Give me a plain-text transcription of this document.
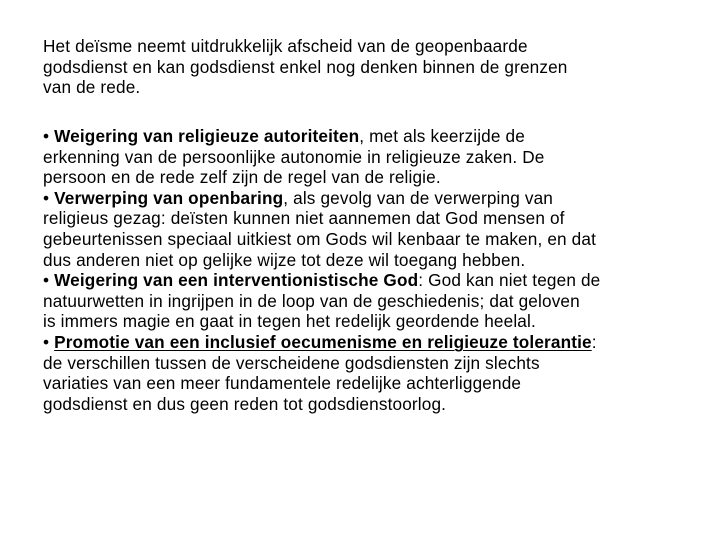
Het deïsme neemt uitdrukkelijk afscheid van de geopenbaarde
godsdienst en kan godsdienst enkel nog denken binnen de grenzen
van de rede.

• Weigering van religieuze autoriteiten, met als keerzijde de
erkenning van de persoonlijke autonomie in religieuze zaken. De
persoon en de rede zelf zijn de regel van de religie.

• Verwerping van openbaring, als gevolg van de verwerping van
religieus gezag: deïsten kunnen niet aannemen dat God mensen of
gebeurtenissen speciaal uitkiest om Gods wil kenbaar te maken, en dat
dus anderen niet op gelijke wijze tot deze wil toegang hebben.

• Weigering van een interventionistische God: God kan niet tegen de
natuurwetten in ingrijpen in de loop van de geschiedenis; dat geloven
is immers magie en gaat in tegen het redelijk geordende heelal.

• Promotie van een inclusief oecumenisme en religieuze tolerantie:
de verschillen tussen de verscheidene godsdiensten zijn slechts
variaties van een meer fundamentele redelijke achterliggende
godsdienst en dus geen reden tot godsdienstoorlog.
